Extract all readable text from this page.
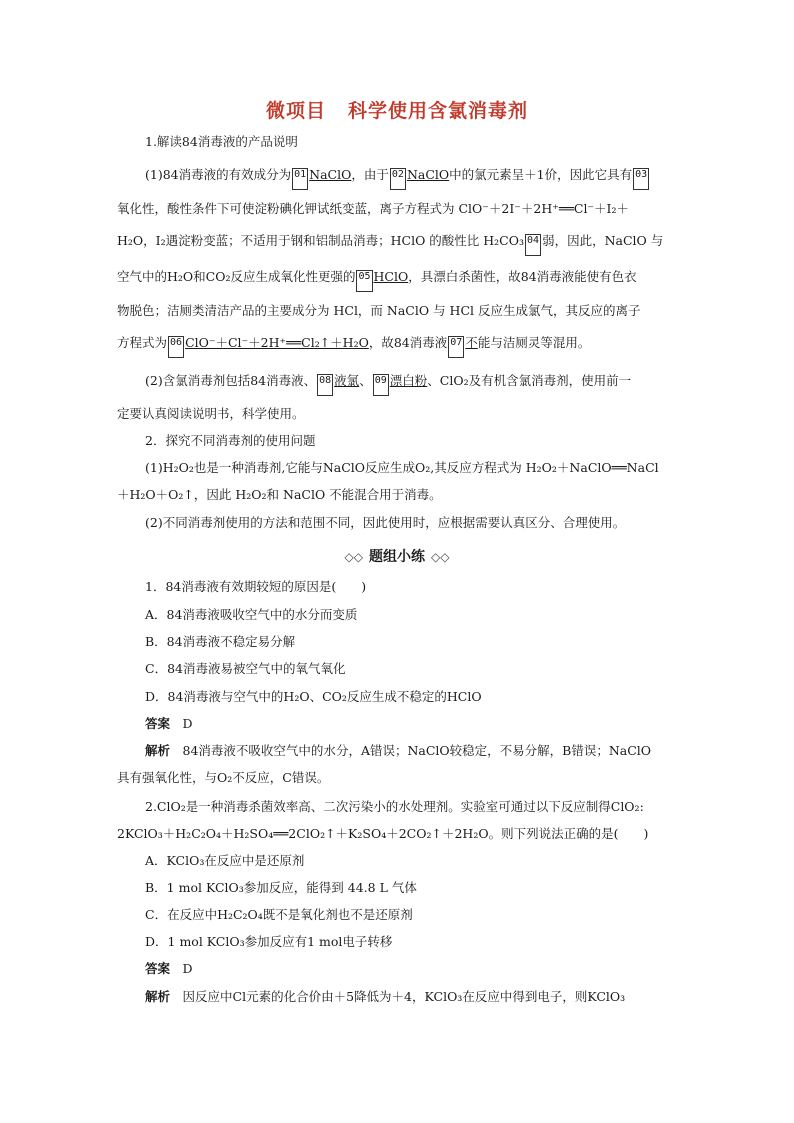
微项目 科学使用含氯消毒剂
1.解读84消毒液的产品说明
(1)84消毒液的有效成分为 01 NaClO，由于 02 NaClO中的氯元素呈＋1价，因此它具有 03
氧化性，酸性条件下可使淀粉碘化钾试纸变蓝，离子方程式为 ClO⁻＋2I⁻＋2H⁺══Cl⁻＋I₂＋
H₂O，I₂遇淀粉变蓝；不适用于钢和铝制品消毒；HClO 的酸性比 H₂CO₃ 04 弱，因此，NaClO 与
空气中的H₂O和CO₂反应生成氧化性更强的 05 HClO，具漂白杀菌性，故84消毒液能使有色衣
物脱色；洁厕类清洁产品的主要成分为 HCl，而 NaClO 与 HCl 反应生成氯气，其反应的离子
方程式为 06 ClO⁻＋Cl⁻＋2H⁺══Cl₂↑＋H₂O，故84消毒液 07 不能与洁厕灵等混用。
(2)含氯消毒剂包括84消毒液、 08 液氯、 09 漂白粉、ClO₂及有机含氯消毒剂，使用前一
定要认真阅读说明书，科学使用。
2．探究不同消毒剂的使用问题
(1)H₂O₂也是一种消毒剂,它能与NaClO反应生成O₂,其反应方程式为 H₂O₂＋NaClO══NaCl
＋H₂O＋O₂↑，因此 H₂O₂和 NaClO 不能混合用于消毒。
(2)不同消毒剂使用的方法和范围不同，因此使用时，应根据需要认真区分、合理使用。
◇◇ 题组小练 ◇◇
1．84消毒液有效期较短的原因是(　　)
A．84消毒液吸收空气中的水分而变质
B．84消毒液不稳定易分解
C．84消毒液易被空气中的氧气氧化
D．84消毒液与空气中的H₂O、CO₂反应生成不稳定的HClO
答案　 D
解析　 84消毒液不吸收空气中的水分，A错误；NaClO较稳定，不易分解，B错误；NaClO
具有强氧化性，与O₂不反应，C错误。
2.ClO₂是一种消毒杀菌效率高、二次污染小的水处理剂。实验室可通过以下反应制得ClO₂:
2KClO₃＋H₂C₂O₄＋H₂SO₄══2ClO₂↑＋K₂SO₄＋2CO₂↑＋2H₂O。则下列说法正确的是(　　)
A．KClO₃在反应中是还原剂
B．1 mol KClO₃参加反应，能得到 44.8 L 气体
C．在反应中H₂C₂O₄既不是氧化剂也不是还原剂
D．1 mol KClO₃参加反应有1 mol电子转移
答案　 D
解析　 因反应中Cl元素的化合价由＋5降低为＋4，KClO₃在反应中得到电子，则KClO₃
